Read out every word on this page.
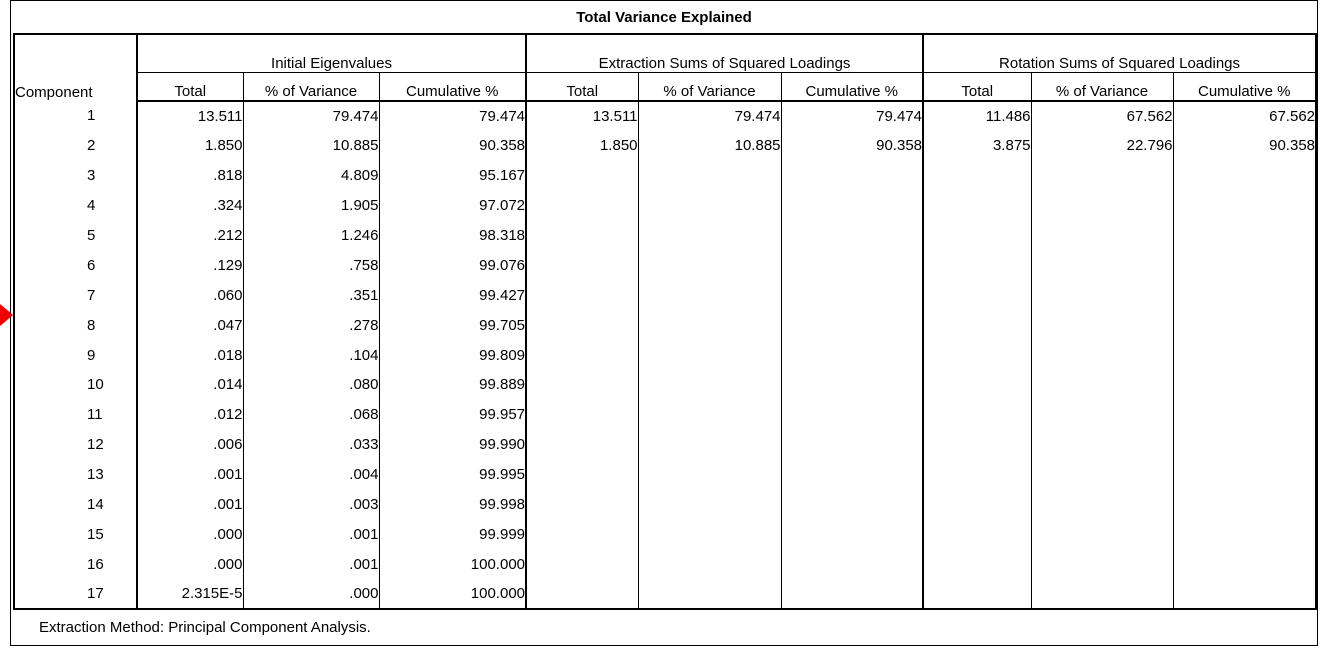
Total Variance Explained
Component	Initial Eigenvalues			Extraction Sums of Squared Loadings			Rotation Sums of Squared Loadings		
	Total	% of Variance	Cumulative %	Total	% of Variance	Cumulative %	Total	% of Variance	Cumulative %
1	13.511	79.474	79.474	13.511	79.474	79.474	11.486	67.562	67.562
2	1.850	10.885	90.358	1.850	10.885	90.358	3.875	22.796	90.358
3	.818	4.809	95.167						
4	.324	1.905	97.072						
5	.212	1.246	98.318						
6	.129	.758	99.076						
7	.060	.351	99.427						
8	.047	.278	99.705						
9	.018	.104	99.809						
10	.014	.080	99.889						
11	.012	.068	99.957						
12	.006	.033	99.990						
13	.001	.004	99.995						
14	.001	.003	99.998						
15	.000	.001	99.999						
16	.000	.001	100.000						
17	2.315E-5	.000	100.000						
Extraction Method: Principal Component Analysis.
